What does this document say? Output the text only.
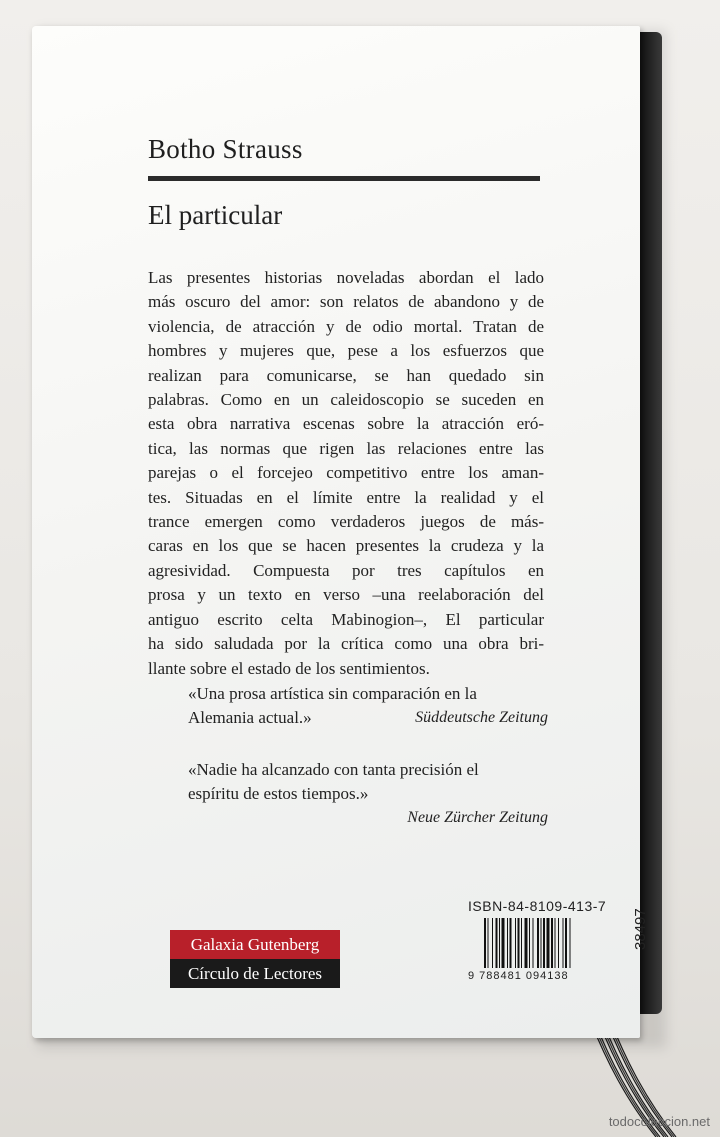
Botho Strauss
El particular
Las presentes historias noveladas abordan el lado
más oscuro del amor: son relatos de abandono y de
violencia, de atracción y de odio mortal. Tratan de
hombres y mujeres que, pese a los esfuerzos que
realizan para comunicarse, se han quedado sin
palabras. Como en un caleidoscopio se suceden en
esta obra narrativa escenas sobre la atracción eró-
tica, las normas que rigen las relaciones entre las
parejas o el forcejeo competitivo entre los aman-
tes. Situadas en el límite entre la realidad y el
trance emergen como verdaderos juegos de más-
caras en los que se hacen presentes la crudeza y la
agresividad. Compuesta por tres capítulos en
prosa y un texto en verso –una reelaboración del
antiguo escrito celta Mabinogion–, El particular
ha sido saludada por la crítica como una obra bri-
llante sobre el estado de los sentimientos.
«Una prosa artística sin comparación en la
Alemania actual.»	Süddeutsche Zeitung
«Nadie ha alcanzado con tanta precisión el
espíritu de estos tiempos.»
Neue Zürcher Zeitung
ISBN-84-8109-413-7
9 788481 094138
38497
Galaxia Gutenberg
Círculo de Lectores
todocoleccion.net
